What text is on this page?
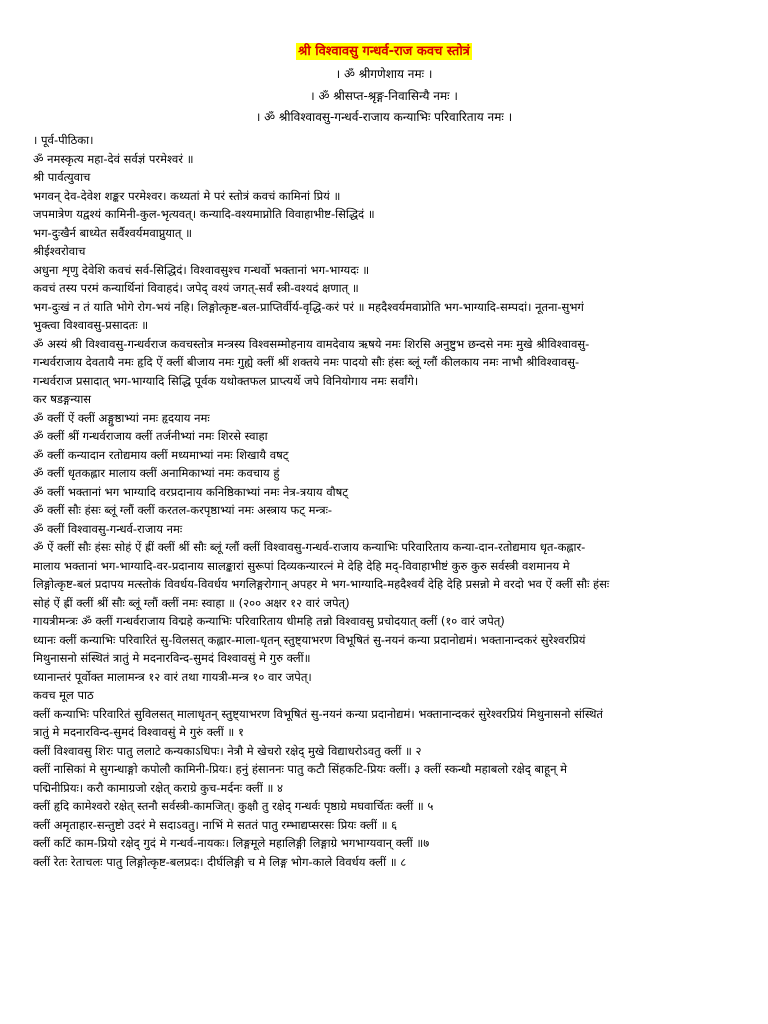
श्री विश्वावसु गन्धर्व-राज कवच स्तोत्रं
। ॐ श्रीगणेशाय नमः ।
। ॐ श्रीसप्त-श्रृङ्ग-निवासिन्यै नमः ।
। ॐ श्रीविश्वावसु-गन्धर्व-राजाय कन्याभिः परिवारिताय नमः ।
। पूर्व-पीठिका।
ॐ नमस्कृत्य महा-देवं सर्वज्ञं परमेश्वरं ॥
श्री पार्वत्युवाच
भगवन् देव-देवेश शङ्कर परमेश्वर। कथ्यतां मे परं स्तोत्रं कवचं कामिनां प्रियं ॥
जपमात्रेण यद्वश्यं कामिनी-कुल-भृत्यवत्। कन्यादि-वश्यमाप्नोति विवाहाभीष्ट-सिद्धिदं ॥
भग-दुःखैर्न बाध्येत सर्वैश्वर्यमवाप्नुयात् ॥
श्रीईश्वरोवाच
अधुना शृणु देवेशि कवचं सर्व-सिद्धिदं। विश्वावसुश्च गन्धर्वो भक्तानां भग-भाग्यदः ॥
कवचं तस्य परमं कन्यार्थिनां विवाहदं। जपेद् वश्यं जगत्-सर्वं स्त्री-वश्यदं क्षणात् ॥
भग-दुःखं न तं याति भोगे रोग-भयं नहि। लिङ्गोत्कृष्ट-बल-प्राप्तिर्वीर्य-वृद्धि-करं परं ॥ महदैश्वर्यमवाप्नोति भग-भाग्यादि-सम्पदां। नूतना-सुभगं
भुक्त्वा विश्वावसु-प्रसादतः ॥
ॐ अस्यं श्री विश्वावसु-गन्धर्वराज कवचस्तोत्र मन्त्रस्य विश्वसम्मोहनाय वामदेवाय ऋषये नमः शिरसि अनुष्टुभ छन्दसे नमः मुखे श्रीविश्वावसु-
गन्धर्वराजाय देवतायै नमः हृदि ऐं क्लीं बीजाय नमः गुह्ये क्लीं श्रीं शक्तये नमः पादयो सौः हंसः ब्लूं ग्लौं कीलकाय नमः नाभौ श्रीविश्वावसु-
गन्धर्वराज प्रसादात् भग-भाग्यादि सिद्धि पूर्वक यथोक्तफल प्राप्त्यर्थे जपे विनियोगाय नमः सर्वांगे।
कर षडङ्गन्यास
ॐ क्लीं ऐं क्लीं अङ्गुष्ठाभ्यां नमः हृदयाय नमः
ॐ क्लीं श्रीं गन्धर्वराजाय क्लीं तर्जनीभ्यां नमः शिरसे स्वाहा
ॐ क्लीं कन्यादान रतोद्यमाय क्लीं मध्यमाभ्यां नमः शिखायै वषट्
ॐ क्लीं धृतकह्लार मालाय क्लीं अनामिकाभ्यां नमः कवचाय हुं
ॐ क्लीं भक्तानां भग भाग्यादि वरप्रदानाय कनिष्ठिकाभ्यां नमः नेत्र-त्रयाय वौषट्
ॐ क्लीं सौः हंसः ब्लूं ग्लौं क्लीं करतल-करपृष्ठाभ्यां नमः अस्त्राय फट् मन्त्रः-
ॐ क्लीं विश्वावसु-गन्धर्व-राजाय नमः
ॐ ऐं क्लीं सौः हंसः सोहं ऐं ह्रीं क्लीं श्रीं सौः ब्लूं ग्लौं क्लीं विश्वावसु-गन्धर्व-राजाय कन्याभिः परिवारिताय कन्या-दान-रतोद्यमाय धृत-कह्लार-
मालाय भक्तानां भग-भाग्यादि-वर-प्रदानाय सालङ्कारां सुरूपां दिव्यकन्यारत्नं मे देहि देहि मद्-विवाहाभीष्टं कुरु कुरु सर्वस्त्री वशमानय मे
लिङ्गोत्कृष्ट-बलं प्रदापय मत्स्तोकं विवर्धय-विवर्धय भगलिङ्गरोगान् अपहर मे भग-भाग्यादि-महदैश्वर्यं देहि देहि प्रसन्नो मे वरदो भव ऐं क्लीं सौः हंसः
सोहं ऐं ह्रीं क्लीं श्रीं सौः ब्लूं ग्लौं क्लीं नमः स्वाहा ॥ (२०० अक्षर १२ वारं जपेत्)
गायत्रीमन्त्रः ॐ क्लीं गन्धर्वराजाय विद्महे कन्याभिः परिवारिताय धीमहि तन्नो विश्वावसु प्रचोदयात् क्लीं (१० वारं जपेत्)
ध्यानः क्लीं कन्याभिः परिवारितं सु-विलसत् कह्लार-माला-धृतन् स्तुष्ट्याभरण विभूषितं सु-नयनं कन्या प्रदानोद्यमं। भक्तानान्दकरं सुरेश्वरप्रियं
मिथुनासनो संस्थितं त्रातुं मे मदनारविन्द-सुमदं विश्वावसुं मे गुरु क्लीं॥
ध्यानान्तरं पूर्वोक्त मालामन्त्र १२ वारं तथा गायत्री-मन्त्र १० वार जपेत्।
कवच मूल पाठ
क्लीं कन्याभिः परिवारितं सुविलसत् मालाधृतन् स्तुष्ट्याभरण विभूषितं सु-नयनं कन्या प्रदानोद्यमं। भक्तानान्दकरं सुरेश्वरप्रियं मिथुनासनो संस्थितं
त्रातुं मे मदनारविन्द-सुमदं विश्वावसुं मे गुरुं क्लीं ॥ १
क्लीं विश्वावसु शिरः पातु ललाटे कन्यकाऽधिपः। नेत्रौ मे खेचरो रक्षेद् मुखे विद्याधरोऽवतु क्लीं ॥ २
क्लीं नासिकां मे सुगन्धाङ्गो कपोलौ कामिनी-प्रियः। हनुं हंसाननः पातु कटौ सिंहकटि-प्रियः क्लीं। ३ क्लीं स्कन्धौ महाबलो रक्षेद् बाहून् मे
पद्मिनीप्रियः। करौ कामाग्रजो रक्षेत् कराग्रे कुच-मर्दनः क्लीं ॥ ४
क्लीं हृदि कामेश्वरो रक्षेत् स्तनौ सर्वस्त्री-कामजित्। कुक्षौ तु रक्षेद् गन्धर्वः पृष्ठाग्रे मघवार्चितः क्लीं ॥ ५
क्लीं अमृताहार-सन्तुष्टो उदरं मे सदाऽवतु। नाभिं मे सततं पातु रम्भाद्यप्सरसः प्रियः क्लीं ॥ ६
क्लीं कटिं काम-प्रियो रक्षेद् गुदं मे गन्धर्व-नायकः। लिङ्गमूले महालिङ्गी लिङ्गाग्रे भगभाग्यवान् क्लीं ॥७
क्लीं रेतः रेताचलः पातु लिङ्गोत्कृष्ट-बलप्रदः। दीर्घलिङ्गी च मे लिङ्ग भोग-काले विवर्धय क्लीं ॥ ८
